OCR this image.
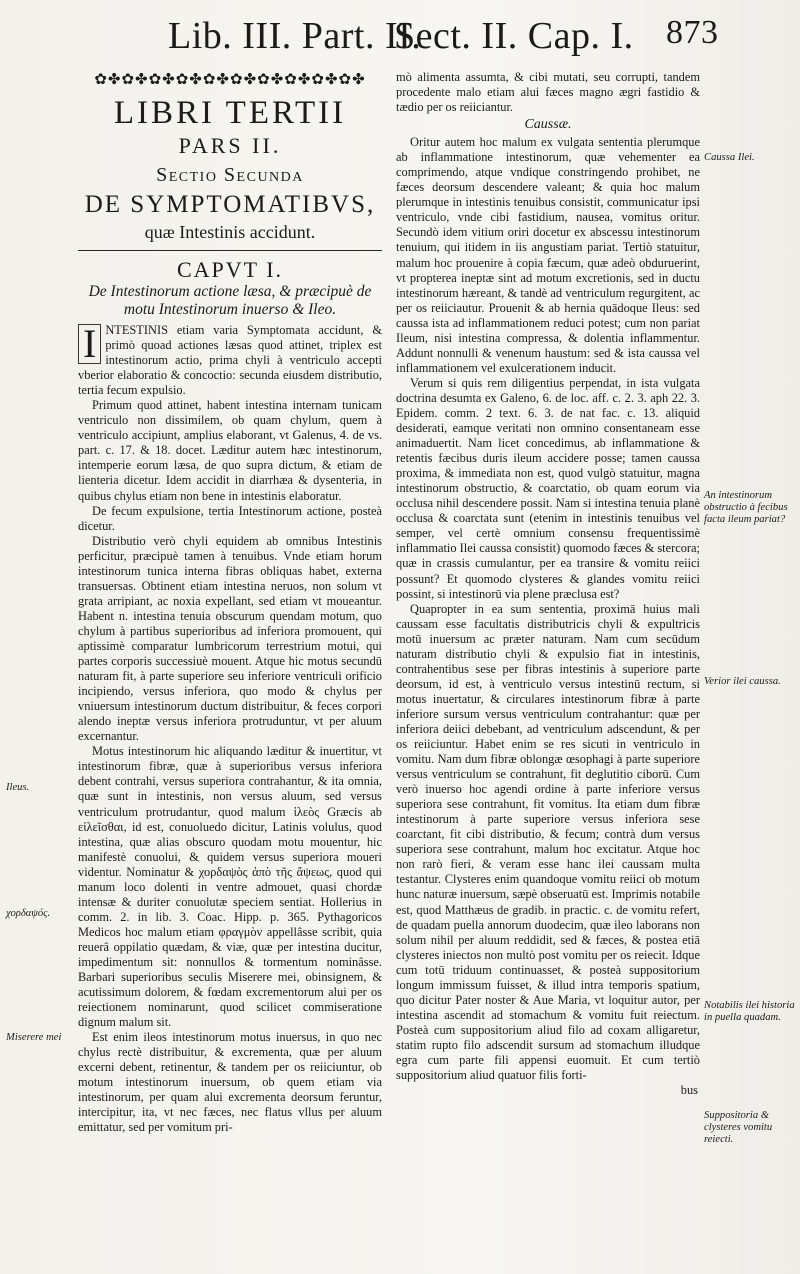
Lib. III. Part. II.
Sect. II. Cap. I. 873
Ileus.
χορδαψός.
Miserere mei
✿✤✿✤✿✤✿✤✿✤✿✤✿✤✿✤✿✤✿✤
LIBRI TERTII
PARS II.
Sectio Secunda
DE SYMPTOMATIBVS,
quæ Intestinis accidunt.
CAPVT I.
De Intestinorum actione læsa, & præcipuè de motu Intestinorum inuerso & Ileo.

I NTESTINIS etiam varia Symptomata accidunt, & primò quoad actiones læsas quod attinet, triplex est intestinorum actio, prima chyli à ventriculo accepti vberior elaboratio & concoctio: secunda eiusdem distributio, tertia fecum expulsio.

Primum quod attinet, habent intestina internam tunicam ventriculo non dissimilem, ob quam chylum, quem à ventriculo accipiunt, amplius elaborant, vt Galenus, 4. de vs. part. c. 17. & 18. docet. Læditur autem hæc intestinorum, intemperie eorum læsa, de quo supra dictum, & etiam de lienteria dicetur. Idem accidit in diarrhæa & dysenteria, in quibus chylus etiam non bene in intestinis elaboratur.

De fecum expulsione, tertia Intestinorum actione, posteà dicetur.

Distributio verò chyli equidem ab omnibus Intestinis perficitur, præcipuè tamen à tenuibus. Vnde etiam horum intestinorum tunica interna fibras obliquas habet, externa transuersas. Obtinent etiam intestina neruos, non solum vt grata arripiant, ac noxia expellant, sed etiam vt moueantur. Habent n. intestina tenuia obscurum quendam motum, quo chylum à partibus superioribus ad inferiora promouent, qui aptissimè comparatur lumbricorum terrestrium motui, qui partes corporis successiuè mouent. Atque hic motus secundū naturam fit, à parte superiore seu inferiore ventriculi orificio incipiendo, versus inferiora, quo modo & chylus per vniuersum intestinorum ductum distribuitur, & feces corpori alendo ineptæ versus inferiora protruduntur, vt per aluum excernantur.

Motus intestinorum hic aliquando læditur & inuertitur, vt intestinorum fibræ, quæ à superioribus versus inferiora debent contrahi, versus superiora contrahantur, & ita omnia, quæ sunt in intestinis, non versus aluum, sed versus ventriculum protrudantur, quod malum ἰλεὸς Græcis ab εἰλεῖσθαι, id est, conuoluedo dicitur, Latinis volulus, quod intestina, quæ alias obscuro quodam motu mouentur, hic manifestè conuolui, & quidem versus superiora moueri videntur. Nominatur & χορδαψὸς ἀπὸ τῆς ἄψεως, quod qui manum loco dolenti in ventre admouet, quasi chordæ intensæ & duriter conuolutæ speciem sentiat. Hollerius in comm. 2. in lib. 3. Coac. Hipp. p. 365. Pythagoricos Medicos hoc malum etiam φραγμὸν appellâsse scribit, quia reuerâ oppilatio quædam, & viæ, quæ per intestina ducitur, impedimentum sit: nonnullos & tormentum nominâsse. Barbari superioribus seculis Miserere mei, obinsignem, & acutissimum dolorem, & fœdam excrementorum alui per os reiectionem nominarunt, quod scilicet commiseratione dignum malum sit.

Est enim ileos intestinorum motus inuersus, in quo nec chylus rectè distribuitur, & excrementa, quæ per aluum excerni debent, retinentur, & tandem per os reiiciuntur, ob motum intestinorum inuersum, ob quem etiam via intestinorum, per quam alui excrementa deorsum feruntur, intercipitur, ita, vt nec fæces, nec flatus vllus per aluum emittatur, sed per vomitum pri-

mò alimenta assumta, & cibi mutati, seu corrupti, tandem procedente malo etiam alui fæces magno ægri fastidio & tædio per os reiiciantur.

Caussæ.

Oritur autem hoc malum ex vulgata sententia plerumque ab inflammatione intestinorum, quæ vehementer ea comprimendo, atque vndique constringendo prohibet, ne fæces deorsum descendere valeant; & quia hoc malum plerumque in intestinis tenuibus consistit, communicatur ipsi ventriculo, vnde cibi fastidium, nausea, vomitus oritur. Secundò idem vitium oriri docetur ex abscessu intestinorum tenuium, qui itidem in iis angustiam pariat. Tertiò statuitur, malum hoc prouenire à copia fæcum, quæ adeò obduruerint, vt propterea ineptæ sint ad motum excretionis, sed in ductu intestinorum hæreant, & tandè ad ventriculum regurgitent, ac per os reiiciautur. Prouenit & ab hernia quādoque Ileus: sed caussa ista ad inflammationem reduci potest; cum non pariat Ileum, nisi intestina compressa, & dolentia inflammentur. Addunt nonnulli & venenum haustum: sed & ista caussa vel inflammationem vel exulcerationem inducit.

Verum si quis rem diligentius perpendat, in ista vulgata doctrina desumta ex Galeno, 6. de loc. aff. c. 2. 3. aph 22. 3. Epidem. comm. 2 text. 6. 3. de nat fac. c. 13. aliquid desiderati, eamque veritati non omnino consentaneam esse animaduertit. Nam licet concedimus, ab inflammatione & retentis fæcibus duris ileum accidere posse; tamen caussa proxima, & immediata non est, quod vulgò statuitur, magna intestinorum obstructio, & coarctatio, ob quam eorum via occlusa nihil descendere possit. Nam si intestina tenuia planè occlusa & coarctata sunt (etenim in intestinis tenuibus vel semper, vel certè omnium consensu frequentissimè inflammatio Ilei caussa consistit) quomodo fæces & stercora; quæ in crassis cumulantur, per ea transire & vomitu reiici possunt? Et quomodo clysteres & glandes vomitu reiici possint, si intestinorū via plene præclusa est?

Quapropter in ea sum sententia, proximā huius mali caussam esse facultatis distributricis chyli & expultricis motū inuersum ac præter naturam. Nam cum secūdum naturam distributio chyli & expulsio fiat in intestinis, contrahentibus sese per fibras intestinis à superiore parte deorsum, id est, à ventriculo versus intestinū rectum, si motus inuertatur, & circulares intestinorum fibræ à parte inferiore sursum versus ventriculum contrahantur: quæ per inferiora deiici debebant, ad ventriculum adscendunt, & per os reiiciuntur. Habet enim se res sicuti in ventriculo in vomitu. Nam dum fibræ oblongæ œsophagi à parte superiore versus ventriculum se contrahunt, fit deglutitio ciborū. Cum verò inuerso hoc agendi ordine à parte inferiore versus superiora sese contrahunt, fit vomitus. Ita etiam dum fibræ intestinorum à parte superiore versus inferiora sese coarctant, fit cibi distributio, & fecum; contrà dum versus superiora sese contrahunt, malum hoc excitatur. Atque hoc non rarò fieri, & veram esse hanc ilei caussam multa testantur. Clysteres enim quandoque vomitu reiici ob motum hunc naturæ inuersum, sæpè obseruatū est. Imprimis notabile est, quod Matthæus de gradib. in practic. c. de vomitu refert, de quadam puella annorum duodecim, quæ ileo laborans non solum nihil per aluum reddidit, sed & fæces, & postea etiā clysteres iniectos non multò post vomitu per os reiecit. Idque cum totū triduum continuasset, & posteà suppositorium longum immissum fuisset, & illud intra temporis spatium, quo dicitur Pater noster & Aue Maria, vt loquitur autor, per intestina ascendit ad stomachum & vomitu fuit reiectum. Posteà cum suppositorium aliud filo ad coxam alligaretur, statim rupto filo adscendit sursum ad stomachum illudque egra cum parte fili appensi euomuit. Et cum tertiò suppositorium aliud quatuor filis forti-

bus
Caussa Ilei.
An intestinorum obstructio à fecibus facta ileum pariat?
Verior ilei caussa.
Notabilis ilei historia in puella quadam.
Suppositoria & clysteres vomitu reiecti.
